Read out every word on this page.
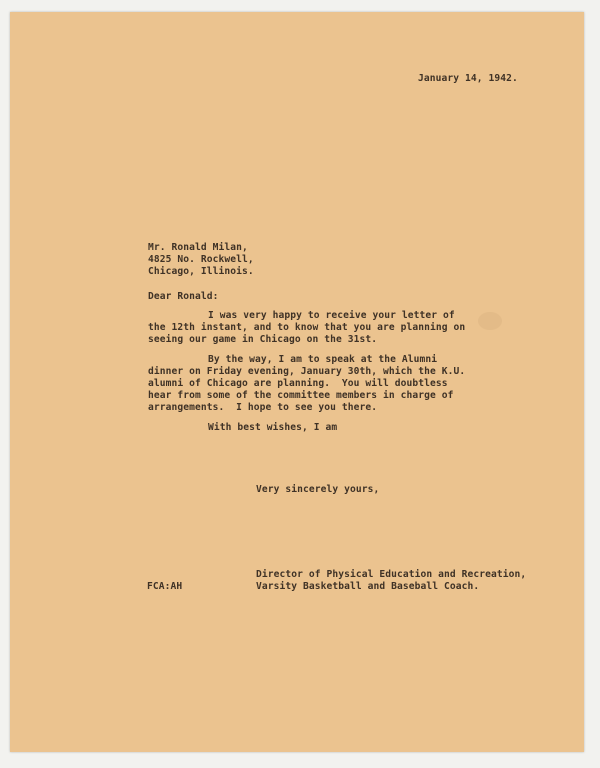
January 14, 1942.
Mr. Ronald Milan,
4825 No. Rockwell,
Chicago, Illinois.
Dear Ronald:
I was very happy to receive your letter of
the 12th instant, and to know that you are planning on
seeing our game in Chicago on the 31st.
By the way, I am to speak at the Alumni
dinner on Friday evening, January 30th, which the K.U.
alumni of Chicago are planning.  You will doubtless
hear from some of the committee members in charge of
arrangements.  I hope to see you there.
With best wishes, I am
Very sincerely yours,
Director of Physical Education and Recreation,
Varsity Basketball and Baseball Coach.
FCA:AH
